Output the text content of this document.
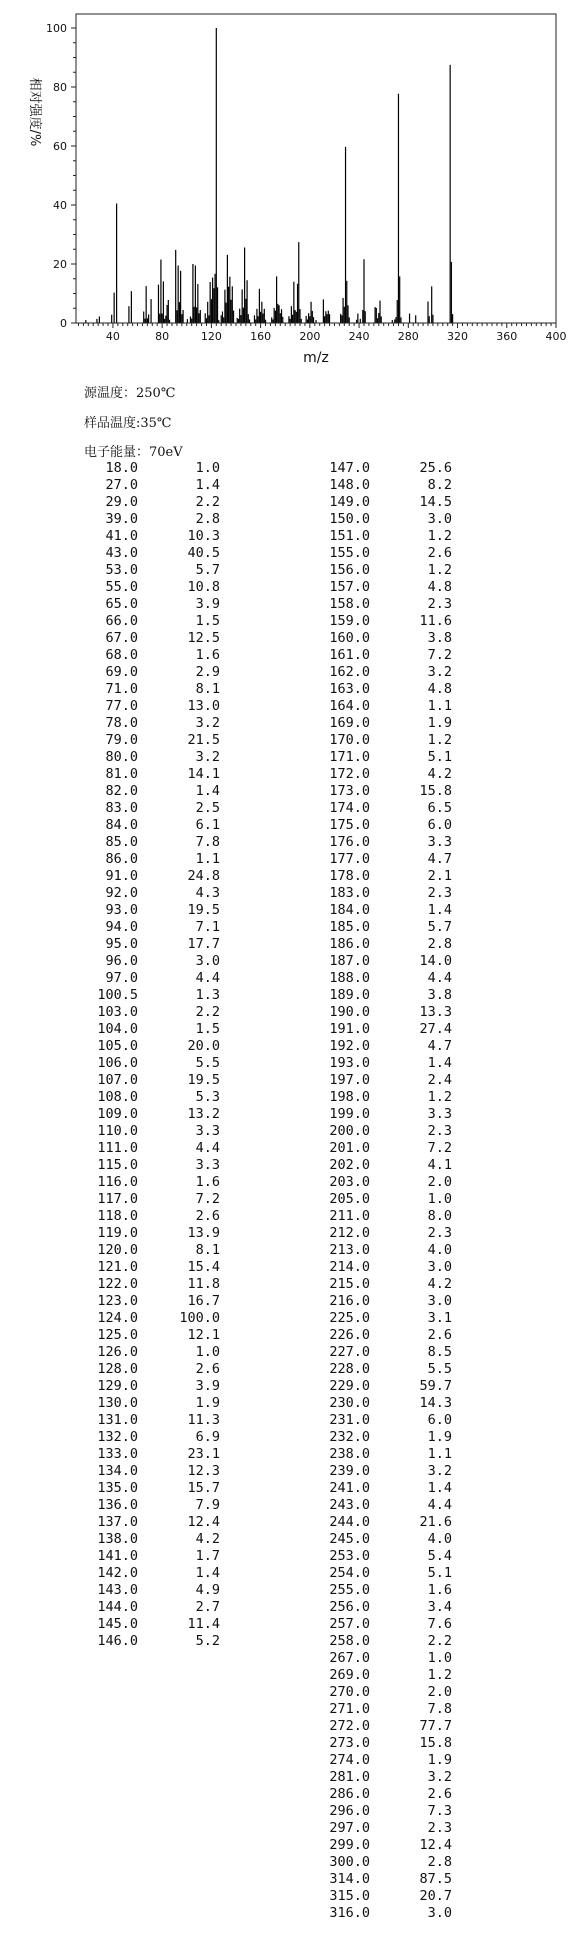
0
20
40
60
80
100
40	80	120	160	200	240	280	320	360	400
相对强度/%
m/z
源温度：250℃
样品温度:35℃
电子能量：70eV
18.0	1.0
27.0	1.4
29.0	2.2
39.0	2.8
41.0	10.3
43.0	40.5
53.0	5.7
55.0	10.8
65.0	3.9
66.0	1.5
67.0	12.5
68.0	1.6
69.0	2.9
71.0	8.1
77.0	13.0
78.0	3.2
79.0	21.5
80.0	3.2
81.0	14.1
82.0	1.4
83.0	2.5
84.0	6.1
85.0	7.8
86.0	1.1
91.0	24.8
92.0	4.3
93.0	19.5
94.0	7.1
95.0	17.7
96.0	3.0
97.0	4.4
100.5	1.3
103.0	2.2
104.0	1.5
105.0	20.0
106.0	5.5
107.0	19.5
108.0	5.3
109.0	13.2
110.0	3.3
111.0	4.4
115.0	3.3
116.0	1.6
117.0	7.2
118.0	2.6
119.0	13.9
120.0	8.1
121.0	15.4
122.0	11.8
123.0	16.7
124.0	100.0
125.0	12.1
126.0	1.0
128.0	2.6
129.0	3.9
130.0	1.9
131.0	11.3
132.0	6.9
133.0	23.1
134.0	12.3
135.0	15.7
136.0	7.9
137.0	12.4
138.0	4.2
141.0	1.7
142.0	1.4
143.0	4.9
144.0	2.7
145.0	11.4
146.0	5.2
147.0	25.6
148.0	8.2
149.0	14.5
150.0	3.0
151.0	1.2
155.0	2.6
156.0	1.2
157.0	4.8
158.0	2.3
159.0	11.6
160.0	3.8
161.0	7.2
162.0	3.2
163.0	4.8
164.0	1.1
169.0	1.9
170.0	1.2
171.0	5.1
172.0	4.2
173.0	15.8
174.0	6.5
175.0	6.0
176.0	3.3
177.0	4.7
178.0	2.1
183.0	2.3
184.0	1.4
185.0	5.7
186.0	2.8
187.0	14.0
188.0	4.4
189.0	3.8
190.0	13.3
191.0	27.4
192.0	4.7
193.0	1.4
197.0	2.4
198.0	1.2
199.0	3.3
200.0	2.3
201.0	7.2
202.0	4.1
203.0	2.0
205.0	1.0
211.0	8.0
212.0	2.3
213.0	4.0
214.0	3.0
215.0	4.2
216.0	3.0
225.0	3.1
226.0	2.6
227.0	8.5
228.0	5.5
229.0	59.7
230.0	14.3
231.0	6.0
232.0	1.9
238.0	1.1
239.0	3.2
241.0	1.4
243.0	4.4
244.0	21.6
245.0	4.0
253.0	5.4
254.0	5.1
255.0	1.6
256.0	3.4
257.0	7.6
258.0	2.2
267.0	1.0
269.0	1.2
270.0	2.0
271.0	7.8
272.0	77.7
273.0	15.8
274.0	1.9
281.0	3.2
286.0	2.6
296.0	7.3
297.0	2.3
299.0	12.4
300.0	2.8
314.0	87.5
315.0	20.7
316.0	3.0
